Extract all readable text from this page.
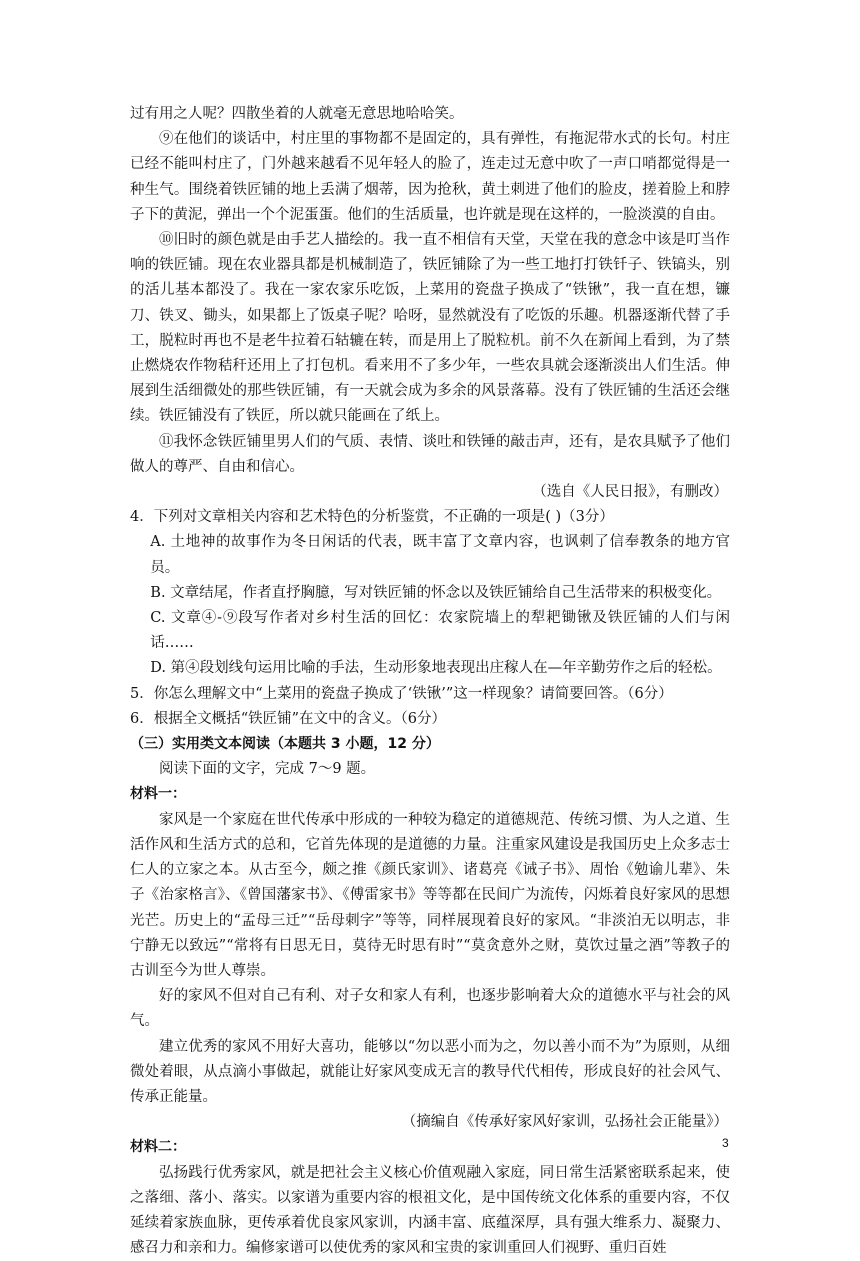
过有用之人呢？四散坐着的人就毫无意思地哈哈笑。

⑨在他们的谈话中，村庄里的事物都不是固定的，具有弹性，有拖泥带水式的长句。村庄已经不能叫村庄了，门外越来越看不见年轻人的脸了，连走过无意中吹了一声口哨都觉得是一种生气。围绕着铁匠铺的地上丢满了烟蒂，因为抢秋，黄土刺进了他们的脸皮，搓着脸上和脖子下的黄泥，弹出一个个泥蛋蛋。他们的生活质量，也许就是现在这样的，一脸淡漠的自由。

⑩旧时的颜色就是由手艺人描绘的。我一直不相信有天堂，天堂在我的意念中该是叮当作响的铁匠铺。现在农业器具都是机械制造了，铁匠铺除了为一些工地打打铁钎子、铁镐头，别的活儿基本都没了。我在一家农家乐吃饭，上菜用的瓷盘子换成了“铁锹”，我一直在想，镰刀、铁叉、锄头，如果都上了饭桌子呢？哈呀，显然就没有了吃饭的乐趣。机器逐渐代替了手工，脱粒时再也不是老牛拉着石轱辘在转，而是用上了脱粒机。前不久在新闻上看到，为了禁止燃烧农作物秸秆还用上了打包机。看来用不了多少年，一些农具就会逐渐淡出人们生活。伸展到生活细微处的那些铁匠铺，有一天就会成为多余的风景落幕。没有了铁匠铺的生活还会继续。铁匠铺没有了铁匠，所以就只能画在了纸上。

⑪我怀念铁匠铺里男人们的气质、表情、谈吐和铁锤的敲击声，还有，是农具赋予了他们做人的尊严、自由和信心。

（选自《人民日报》，有删改）

4．下列对文章相关内容和艺术特色的分析鉴赏，不正确的一项是( )（3分）

A. 土地神的故事作为冬日闲话的代表，既丰富了文章内容，也讽刺了信奉教条的地方官员。

B. 文章结尾，作者直抒胸臆，写对铁匠铺的怀念以及铁匠铺给自己生活带来的积极变化。

C. 文章④-⑨段写作者对乡村生活的回忆：农家院墙上的犁耙锄锹及铁匠铺的人们与闲话……

D. 第④段划线句运用比喻的手法，生动形象地表现出庄稼人在—年辛勤劳作之后的轻松。

5．你怎么理解文中“上菜用的瓷盘子换成了‘铁锹’”这一样现象？请简要回答。（6分）

6．根据全文概括“铁匠铺”在文中的含义。（6分）

（三）实用类文本阅读（本题共 3 小题，12 分）

阅读下面的文字，完成 7～9 题。

材料一：

家风是一个家庭在世代传承中形成的一种较为稳定的道德规范、传统习惯、为人之道、生活作风和生活方式的总和，它首先体现的是道德的力量。注重家风建设是我国历史上众多志士仁人的立家之本。从古至今，颇之推《颜氏家训》、诸葛亮《诫子书》、周怡《勉谕儿辈》、朱子《治家格言》、《曾国藩家书》、《傅雷家书》等等都在民间广为流传，闪烁着良好家风的思想光芒。历史上的“孟母三迁”“岳母刺字”等等，同样展现着良好的家风。“非淡泊无以明志，非宁静无以致远”“常将有日思无日，莫待无时思有时”“莫贪意外之财，莫饮过量之酒”等教子的古训至今为世人尊崇。

好的家风不但对自己有利、对子女和家人有利，也逐步影响着大众的道德水平与社会的风气。

建立优秀的家风不用好大喜功，能够以“勿以恶小而为之，勿以善小而不为”为原则，从细微处着眼，从点滴小事做起，就能让好家风变成无言的教导代代相传，形成良好的社会风气、传承正能量。

（摘编自《传承好家风好家训，弘扬社会正能量》）

材料二：

弘扬践行优秀家风，就是把社会主义核心价值观融入家庭，同日常生活紧密联系起来，使之落细、落小、落实。以家谱为重要内容的根祖文化，是中国传统文化体系的重要内容，不仅延续着家族血脉，更传承着优良家风家训，内涵丰富、底蕴深厚，具有强大维系力、凝聚力、感召力和亲和力。编修家谱可以使优秀的家风和宝贵的家训重回人们视野、重归百姓

3
